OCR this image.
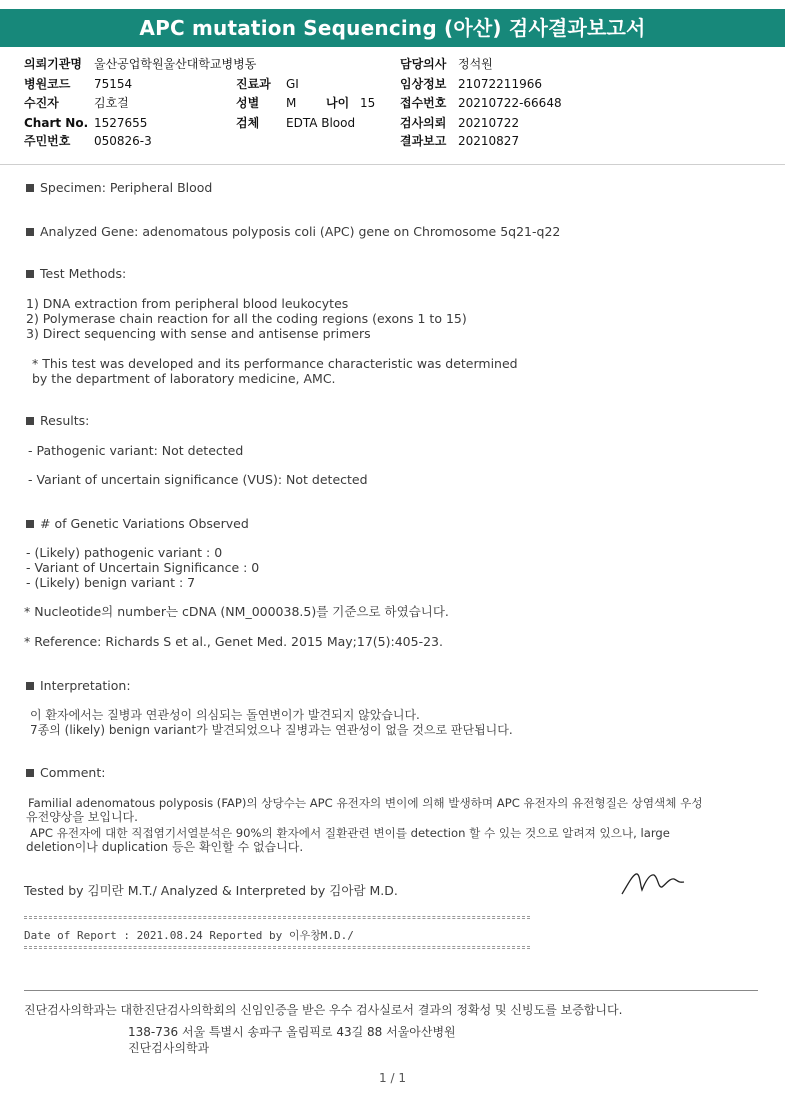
APC mutation Sequencing (아산) 검사결과보고서
의뢰기관명 울산공업학원울산대학교병병동
병원코드 75154
수진자	김호걸
Chart No. 1527655
주민번호 050826-3
진료과 GI
성별 M 나이 15
검체 EDTA Blood
담당의사 정석원
임상정보 21072211966
접수번호 20210722-66648
검사의뢰 20210722
결과보고 20210827
Specimen: Peripheral Blood
Analyzed Gene: adenomatous polyposis coli (APC) gene on Chromosome 5q21-q22
Test Methods:
1) DNA extraction from peripheral blood leukocytes
2) Polymerase chain reaction for all the coding regions (exons 1 to 15)
3) Direct sequencing with sense and antisense primers
* This test was developed and its performance characteristic was determined
by the department of laboratory medicine, AMC.
Results:
- Pathogenic variant: Not detected
- Variant of uncertain significance (VUS): Not detected
# of Genetic Variations Observed
- (Likely) pathogenic variant : 0
- Variant of Uncertain Significance : 0
- (Likely) benign variant : 7
* Nucleotide의 number는 cDNA (NM_000038.5)를 기준으로 하였습니다.
* Reference: Richards S et al., Genet Med. 2015 May;17(5):405-23.
Interpretation:
이 환자에서는 질병과 연관성이 의심되는 돌연변이가 발견되지 않았습니다.
7종의 (likely) benign variant가 발견되었으나 질병과는 연관성이 없을 것으로 판단됩니다.
Comment:
Familial adenomatous polyposis (FAP)의 상당수는 APC 유전자의 변이에 의해 발생하며 APC 유전자의 유전형질은 상염색체 우성
유전양상을 보입니다.
APC 유전자에 대한 직접염기서열분석은 90%의 환자에서 질환관련 변이를 detection 할 수 있는 것으로 알려져 있으나, large
deletion이나 duplication 등은 확인할 수 없습니다.
Tested by 김미란 M.T./ Analyzed & Interpreted by 김아람 M.D.
Date of Report : 2021.08.24 Reported by 이우창M.D./
진단검사의학과는 대한진단검사의학회의 신임인증을 받은 우수 검사실로서 결과의 정확성 및 신빙도를 보증합니다.
138-736 서울 특별시 송파구 올림픽로 43길 88 서울아산병원
진단검사의학과
1 / 1
